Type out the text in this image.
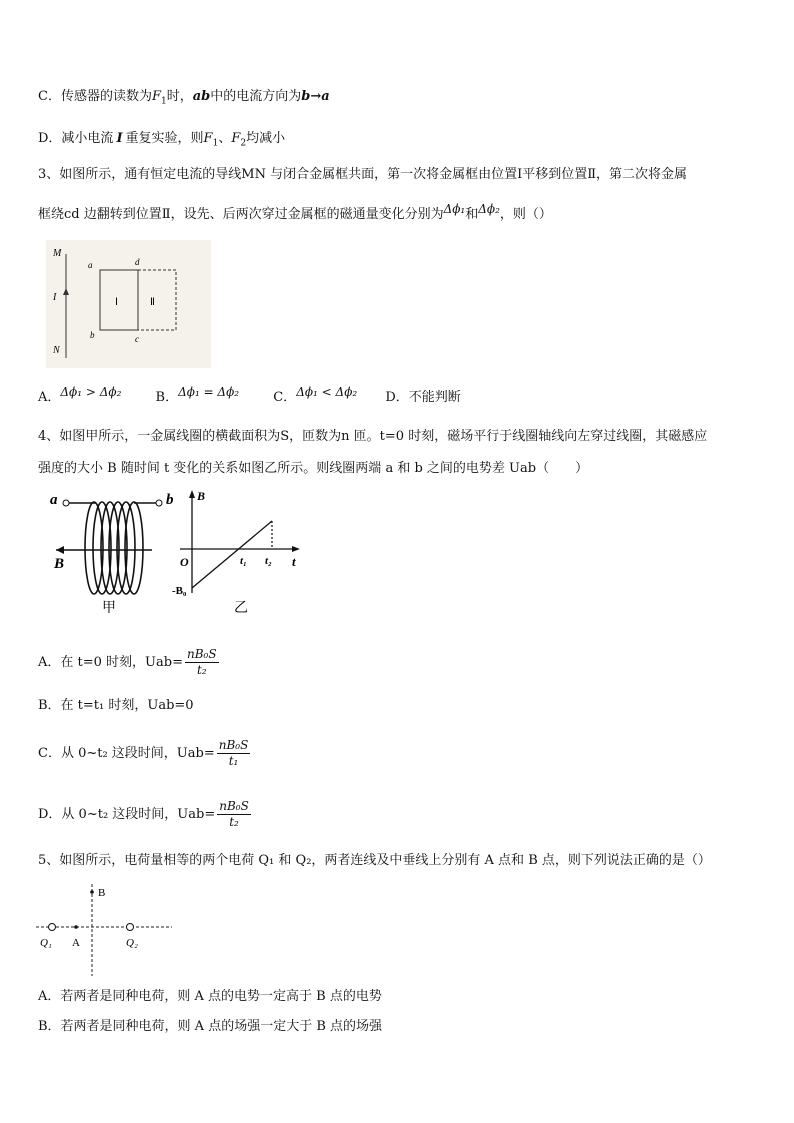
C．传感器的读数为$F_1$时，ab中的电流方向为b→a
D．减小电流 I 重复实验，则$F_1$、$F_2$均减小
3、如图所示，通有恒定电流的导线MN 与闭合金属框共面，第一次将金属框由位置Ⅰ平移到位置Ⅱ，第二次将金属
框绕cd 边翻转到位置Ⅱ，设先、后两次穿过金属框的磁通量变化分别为Δϕ₁和Δϕ₂，则（）
M
I
N
a	d
b	c
Ⅰ	Ⅱ
A．Δϕ₁ > Δϕ₂	B．Δϕ₁ = Δϕ₂	C．Δϕ₁ < Δϕ₂ D．不能判断
4、如图甲所示，一金属线圈的横截面积为S，匝数为n 匝。t=0 时刻，磁场平行于线圈轴线向左穿过线圈，其磁感应
强度的大小 B 随时间 t 变化的关系如图乙所示。则线圈两端 a 和 b 之间的电势差 Uab（　　）
a	b
B
甲
B
t
O	t₁ t₂
-B₀
乙
A．在 t=0 时刻，$Uab= \frac{\text{nB₀S}}{\text{t₂}}$
B．在 t=t₁ 时刻，Uab=0
C．从 0~t₂ 这段时间，$Uab= \frac{\text{nB₀S}}{\text{t₁}}$
D．从 0~t₂ 这段时间，$Uab= \frac{\text{nB₀S}}{\text{t₂}}$
5、如图所示，电荷量相等的两个电荷 Q₁ 和 Q₂，两者连线及中垂线上分别有 A 点和 B 点，则下列说法正确的是（）
B
Q₁ A	Q₂
A．若两者是同种电荷，则 A 点的电势一定高于 B 点的电势
B．若两者是同种电荷，则 A 点的场强一定大于 B 点的场强
